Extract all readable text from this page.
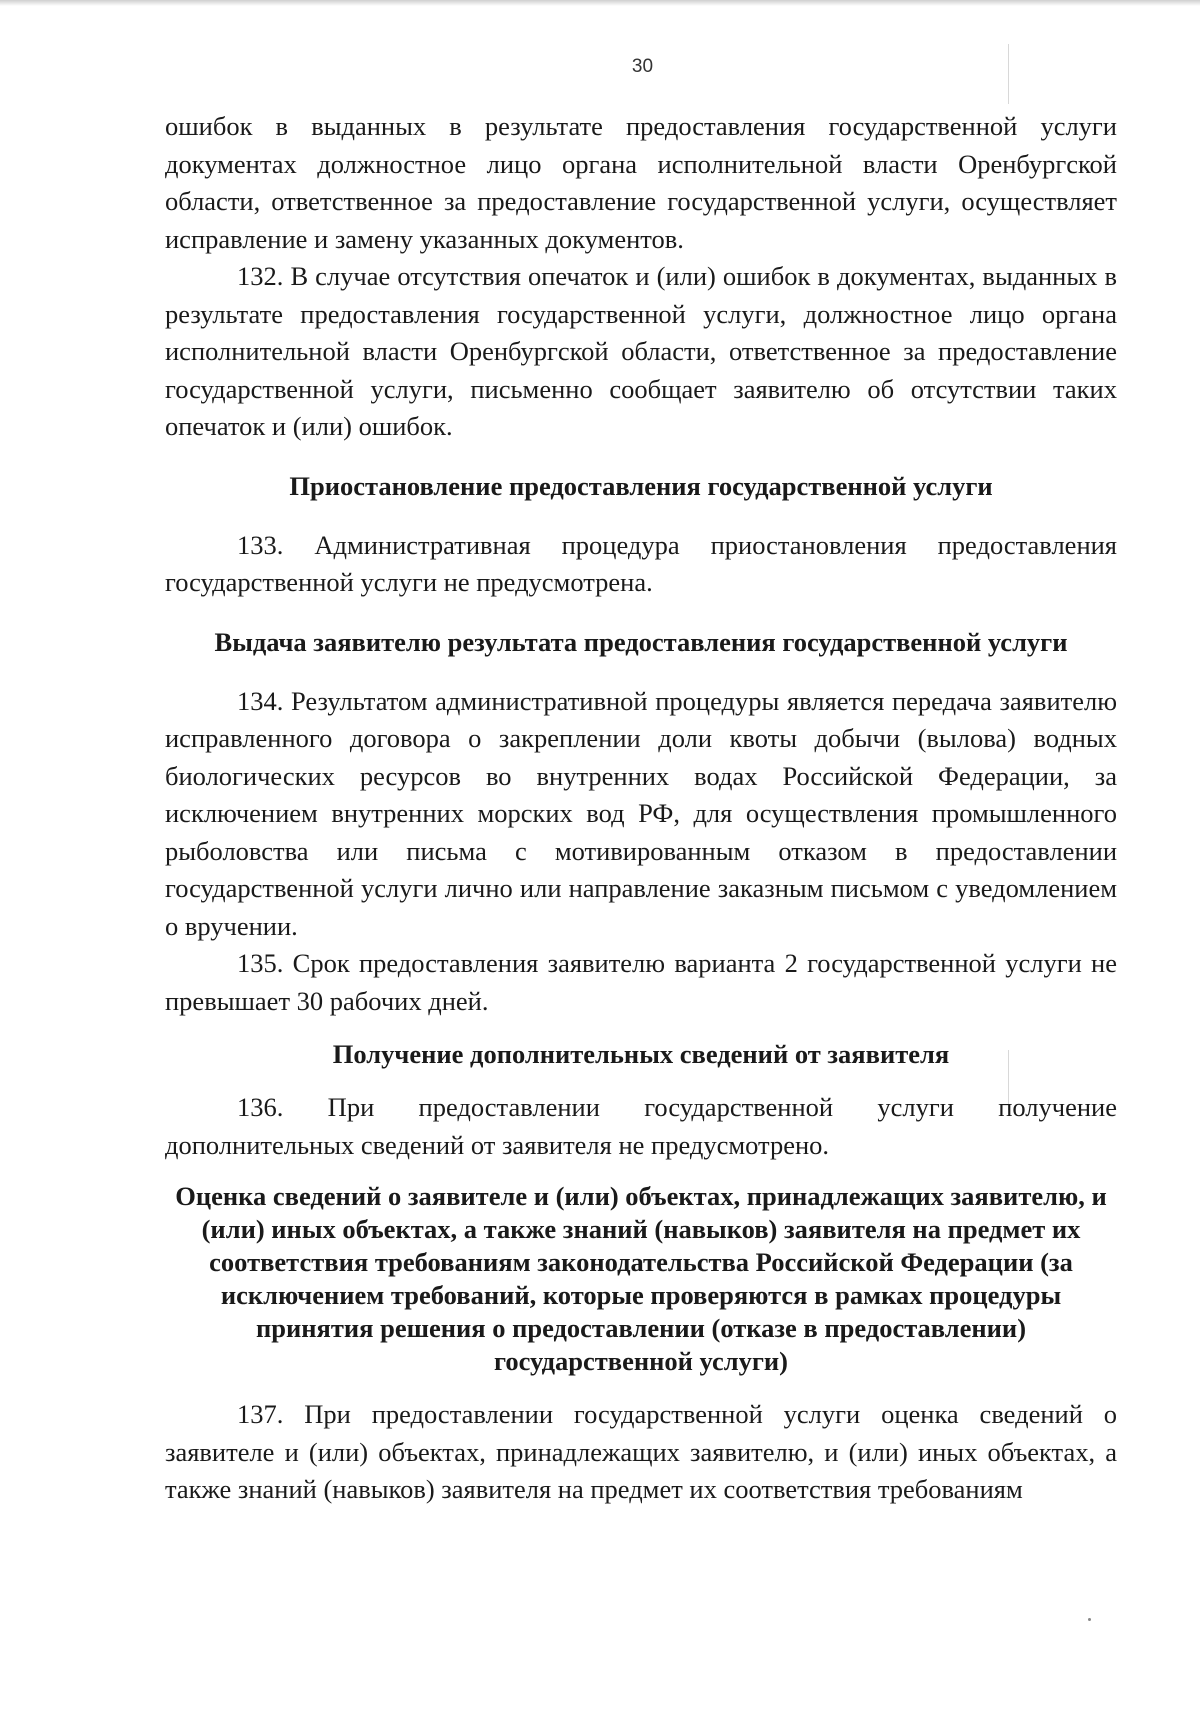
30

ошибок в выданных в результате предоставления государственной услуги документах должностное лицо органа исполнительной власти Оренбургской области, ответственное за предоставление государственной услуги, осуществляет исправление и замену указанных документов.

132. В случае отсутствия опечаток и (или) ошибок в документах, выданных в результате предоставления государственной услуги, должностное лицо органа исполнительной власти Оренбургской области, ответственное за предоставление государственной услуги, письменно сообщает заявителю об отсутствии таких опечаток и (или) ошибок.

Приостановление предоставления государственной услуги

133. Административная процедура приостановления предоставления государственной услуги не предусмотрена.

Выдача заявителю результата предоставления государственной услуги

134. Результатом административной процедуры является передача заявителю исправленного договора о закреплении доли квоты добычи (вылова) водных биологических ресурсов во внутренних водах Российской Федерации, за исключением внутренних морских вод РФ, для осуществления промышленного рыболовства или письма с мотивированным отказом в предоставлении государственной услуги лично или направление заказным письмом с уведомлением о вручении.

135. Срок предоставления заявителю варианта 2 государственной услуги не превышает 30 рабочих дней.

Получение дополнительных сведений от заявителя

136. При предоставлении государственной услуги получение дополнительных сведений от заявителя не предусмотрено.

Оценка сведений о заявителе и (или) объектах, принадлежащих заявителю, и (или) иных объектах, а также знаний (навыков) заявителя на предмет их соответствия требованиям законодательства Российской Федерации (за исключением требований, которые проверяются в рамках процедуры принятия решения о предоставлении (отказе в предоставлении) государственной услуги)

137. При предоставлении государственной услуги оценка сведений о заявителе и (или) объектах, принадлежащих заявителю, и (или) иных объектах, а также знаний (навыков) заявителя на предмет их соответствия требованиям
